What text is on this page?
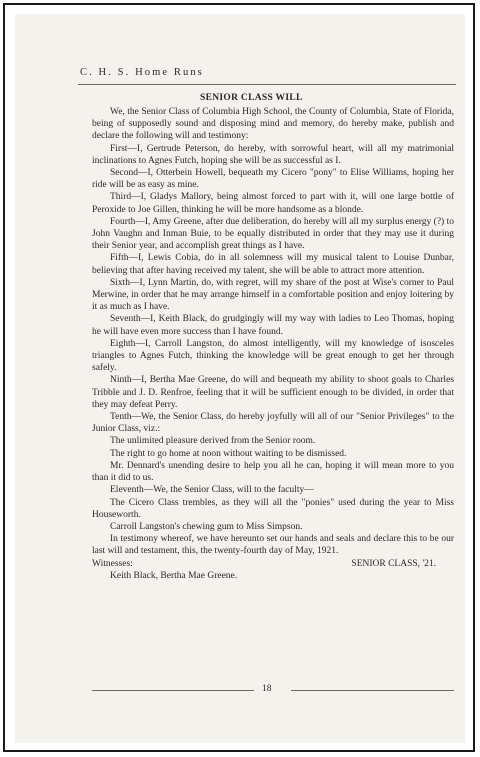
C. H. S. Home Runs
SENIOR CLASS WILL

We, the Senior Class of Columbia High School, the County of Columbia, State of Florida, being of supposedly sound and disposing mind and memory, do hereby make, publish and declare the following will and testimony:

First—I, Gertrude Peterson, do hereby, with sorrowful heart, will all my matrimonial inclinations to Agnes Futch, hoping she will be as successful as I.

Second—I, Otterbein Howell, bequeath my Cicero "pony" to Elise Williams, hoping her ride will be as easy as mine.

Third—I, Gladys Mallory, being almost forced to part with it, will one large bottle of Peroxide to Joe Gillen, thinking he will be more handsome as a blonde.

Fourth—I, Amy Greene, after due deliberation, do hereby will all my surplus energy (?) to John Vaughn and Inman Buie, to be equally distributed in order that they may use it during their Senior year, and accomplish great things as I have.

Fifth—I, Lewis Cobia, do in all solemness will my musical talent to Louise Dunbar, believing that after having received my talent, she will be able to attract more attention.

Sixth—I, Lynn Martin, do, with regret, will my share of the post at Wise's corner to Paul Merwine, in order that he may arrange himself in a comfortable position and enjoy loitering by it as much as I have.

Seventh—I, Keith Black, do grudgingly will my way with ladies to Leo Thomas, hoping he will have even more success than I have found.

Eighth—I, Carroll Langston, do almost intelligently, will my knowledge of isosceles triangles to Agnes Futch, thinking the knowledge will be great enough to get her through safely.

Ninth—I, Bertha Mae Greene, do will and bequeath my ability to shoot goals to Charles Tribble and J. D. Renfroe, feeling that it will be sufficient enough to be divided, in order that they may defeat Perry.

Tenth—We, the Senior Class, do hereby joyfully will all of our "Senior Privileges" to the Junior Class, viz.:

The unlimited pleasure derived from the Senior room.

The right to go home at noon without waiting to be dismissed.

Mr. Dennard's unending desire to help you all he can, hoping it will mean more to you than it did to us.

Eleventh—We, the Senior Class, will to the faculty—

The Cicero Class trembles, as they will all the "ponies" used during the year to Miss Houseworth.

Carroll Langston's chewing gum to Miss Simpson.

In testimony whereof, we have hereunto set our hands and seals and declare this to be our last will and testament, this, the twenty-fourth day of May, 1921.

Witnesses:	SENIOR CLASS, '21.

Keith Black, Bertha Mae Greene.

18
